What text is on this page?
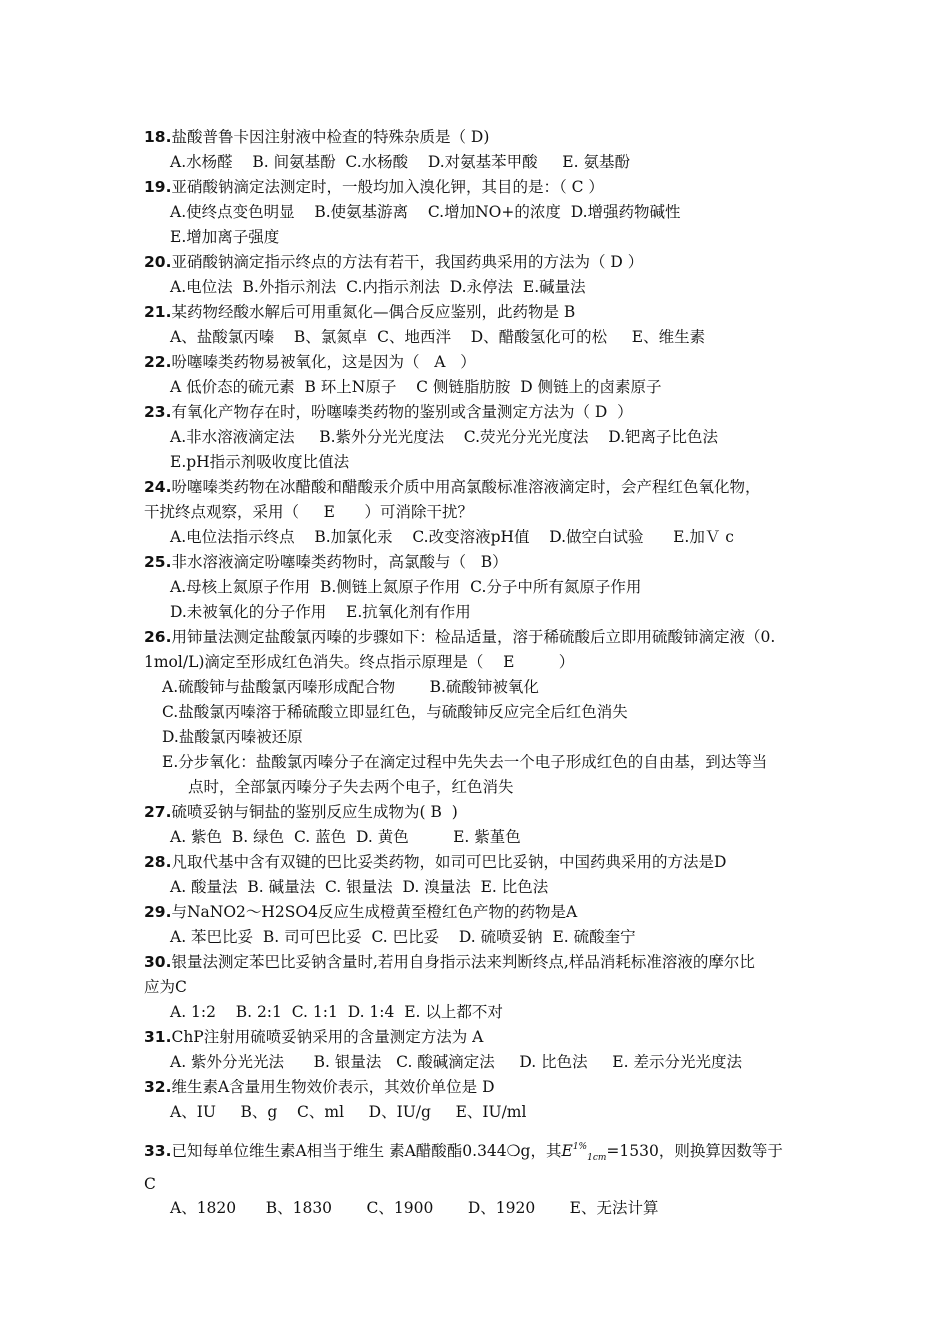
18.盐酸普鲁卡因注射液中检查的特殊杂质是（ D)
A.水杨醛    B. 间氨基酚  C.水杨酸    D.对氨基苯甲酸     E. 氨基酚
19.亚硝酸钠滴定法测定时，一般均加入溴化钾，其目的是：（ C ）
A.使终点变色明显    B.使氨基游离    C.增加NO+的浓度  D.增强药物碱性
E.增加离子强度
20.亚硝酸钠滴定指示终点的方法有若干，我国药典采用的方法为（ D ）
A.电位法  B.外指示剂法  C.内指示剂法  D.永停法  E.碱量法
21.某药物经酸水解后可用重氮化—偶合反应鉴别，此药物是 B
A、盐酸氯丙嗪    B、氯氮卓  C、地西泮    D、醋酸氢化可的松     E、维生素
22.吩噻嗪类药物易被氧化，这是因为（   A   ）
A 低价态的硫元素  B 环上N原子    C 侧链脂肪胺  D 侧链上的卤素原子
23.有氧化产物存在时，吩噻嗪类药物的鉴别或含量测定方法为（ D  ）
A.非水溶液滴定法     B.紫外分光光度法    C.荧光分光光度法    D.钯离子比色法
E.pH指示剂吸收度比值法
24.吩噻嗪类药物在冰醋酸和醋酸汞介质中用高氯酸标准溶液滴定时，会产程红色氧化物，
干扰终点观察，采用（     E      ）可消除干扰？
A.电位法指示终点    B.加氯化汞    C.改变溶液pH值    D.做空白试验      E.加Ｖ c
25.非水溶液滴定吩噻嗪类药物时，高氯酸与（   B）
A.母核上氮原子作用  B.侧链上氮原子作用  C.分子中所有氮原子作用
D.未被氧化的分子作用    E.抗氧化剂有作用
26.用铈量法测定盐酸氯丙嗪的步骤如下：检品适量，溶于稀硫酸后立即用硫酸铈滴定液（0.
1mol/L)滴定至形成红色消失。终点指示原理是（    E         ）
A.硫酸铈与盐酸氯丙嗪形成配合物       B.硫酸铈被氧化
C.盐酸氯丙嗪溶于稀硫酸立即显红色，与硫酸铈反应完全后红色消失
D.盐酸氯丙嗪被还原
E.分步氧化：盐酸氯丙嗪分子在滴定过程中先失去一个电子形成红色的自由基，到达等当
点时，全部氯丙嗪分子失去两个电子，红色消失
27.硫喷妥钠与铜盐的鉴别反应生成物为( B  )
A. 紫色  B. 绿色  C. 蓝色  D. 黄色         E. 紫堇色
28.凡取代基中含有双键的巴比妥类药物，如司可巴比妥钠，中国药典采用的方法是D
A. 酸量法  B. 碱量法  C. 银量法  D. 溴量法  E. 比色法
29.与NaNO2～H2SO4反应生成橙黄至橙红色产物的药物是A
A. 苯巴比妥  B. 司可巴比妥  C. 巴比妥    D. 硫喷妥钠  E. 硫酸奎宁
30.银量法测定苯巴比妥钠含量时,若用自身指示法来判断终点,样品消耗标准溶液的摩尔比
应为C
A. 1:2    B. 2:1  C. 1:1  D. 1:4  E. 以上都不对
31.ChP注射用硫喷妥钠采用的含量测定方法为 A
A. 紫外分光光法      B. 银量法   C. 酸碱滴定法     D. 比色法     E. 差示分光光度法
32.维生素A含量用生物效价表示，其效价单位是 D
A、IU     B、g    C、ml     D、IU/g     E、IU/ml
33.已知每单位维生素A相当于维生 素A醋酸酯0.344❍g，其$E^{1\%}_{1cm}=1530$，则换算因数等于
C
A、1820      B、1830       C、1900       D、1920       E、无法计算
